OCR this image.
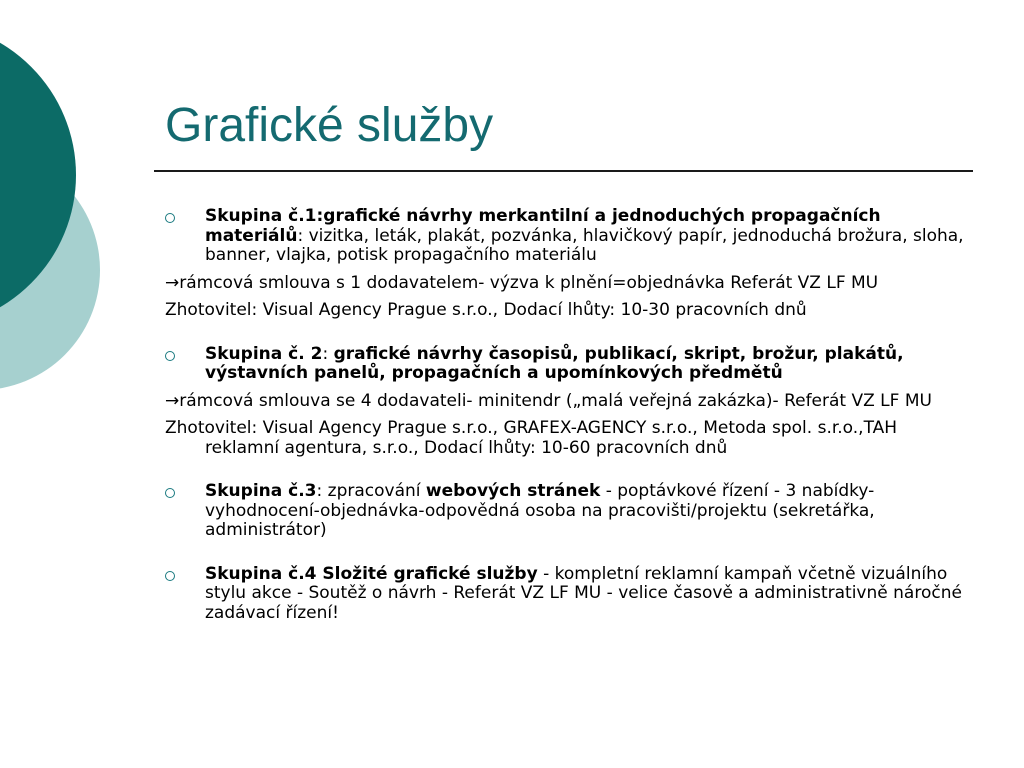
Grafické služby
Skupina č.1:grafické návrhy merkantilní a jednoduchých propagačních materiálů: vizitka, leták, plakát, pozvánka, hlavičkový papír, jednoduchá brožura, sloha, banner, vlajka, potisk propagačního materiálu
→rámcová smlouva s 1 dodavatelem- výzva k plnění=objednávka Referát VZ LF MU
Zhotovitel: Visual Agency Prague s.r.o., Dodací lhůty: 10-30 pracovních dnů
Skupina č. 2: grafické návrhy časopisů, publikací, skript, brožur, plakátů, výstavních panelů, propagačních a upomínkových předmětů
→rámcová smlouva se 4 dodavateli- minitendr („malá veřejná zakázka)- Referát VZ LF MU
Zhotovitel: Visual Agency Prague s.r.o., GRAFEX-AGENCY s.r.o., Metoda spol. s.r.o.,TAH reklamní agentura, s.r.o., Dodací lhůty: 10-60 pracovních dnů
Skupina č.3: zpracování webových stránek - poptávkové řízení - 3 nabídky- vyhodnocení-objednávka-odpovědná osoba na pracovišti/projektu (sekretářka, administrátor)
Skupina č.4 Složité grafické služby - kompletní reklamní kampaň včetně vizuálního stylu akce - Soutěž o návrh - Referát VZ LF MU - velice časově a administrativně náročné zadávací řízení!
